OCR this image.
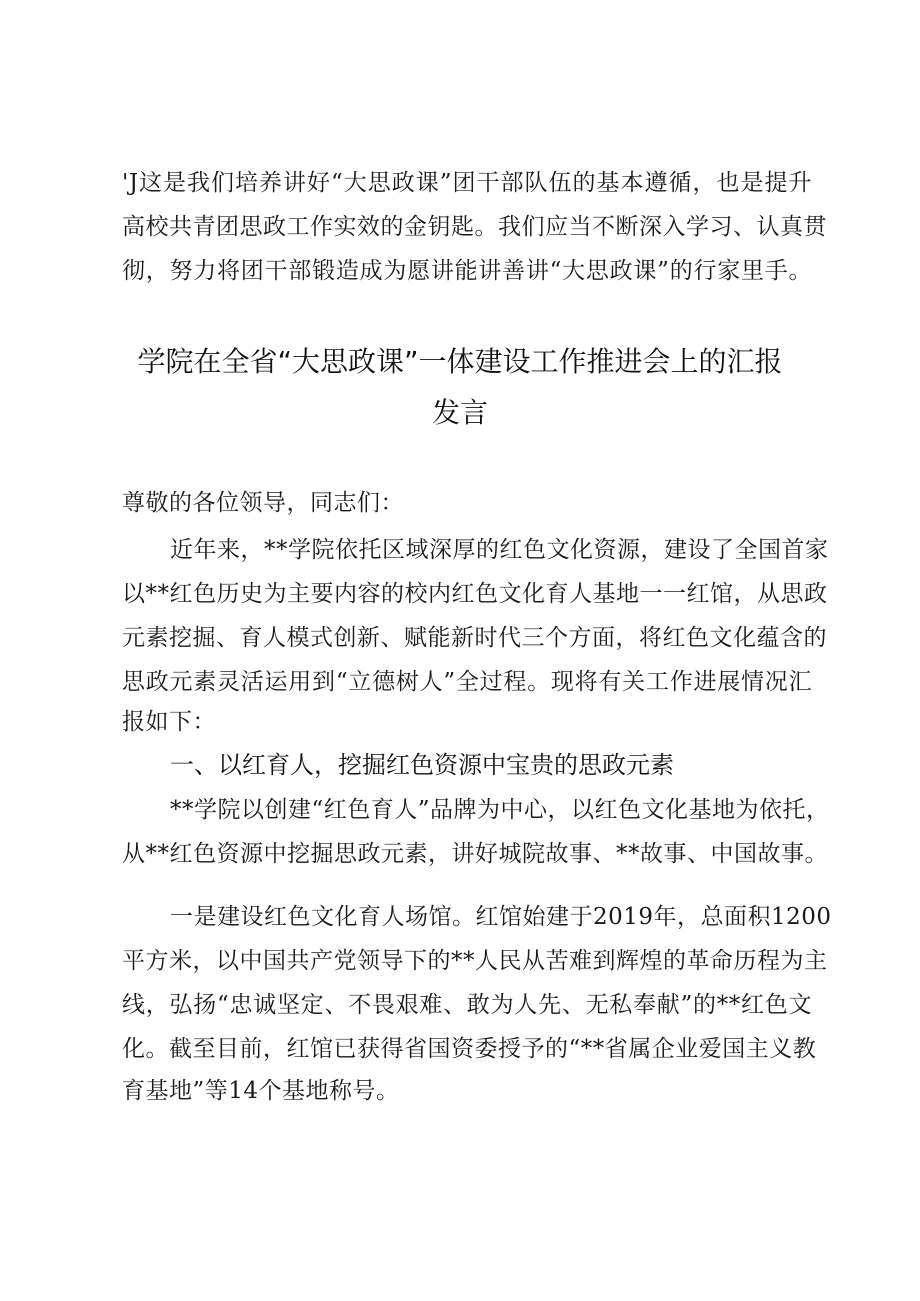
'J这是我们培养讲好“大思政课”团干部队伍的基本遵循，也是提升
高校共青团思政工作实效的金钥匙。我们应当不断深入学习、认真贯
彻，努力将团干部锻造成为愿讲能讲善讲“大思政课”的行家里手。
学院在全省“大思政课”一体建设工作推进会上的汇报
发言
尊敬的各位领导，同志们：
近年来，**学院依托区域深厚的红色文化资源，建设了全国首家
以**红色历史为主要内容的校内红色文化育人基地一一红馆，从思政
元素挖掘、育人模式创新、赋能新时代三个方面，将红色文化蕴含的
思政元素灵活运用到“立德树人”全过程。现将有关工作进展情况汇
报如下：
一、以红育人，挖掘红色资源中宝贵的思政元素
**学院以创建“红色育人”品牌为中心，以红色文化基地为依托，
从**红色资源中挖掘思政元素，讲好城院故事、**故事、中国故事。
一是建设红色文化育人场馆。红馆始建于2019年，总面积1200
平方米，以中国共产党领导下的**人民从苦难到辉煌的革命历程为主
线，弘扬“忠诚坚定、不畏艰难、敢为人先、无私奉献”的**红色文
化。截至目前，红馆已获得省国资委授予的“**省属企业爱国主义教
育基地”等14个基地称号。
